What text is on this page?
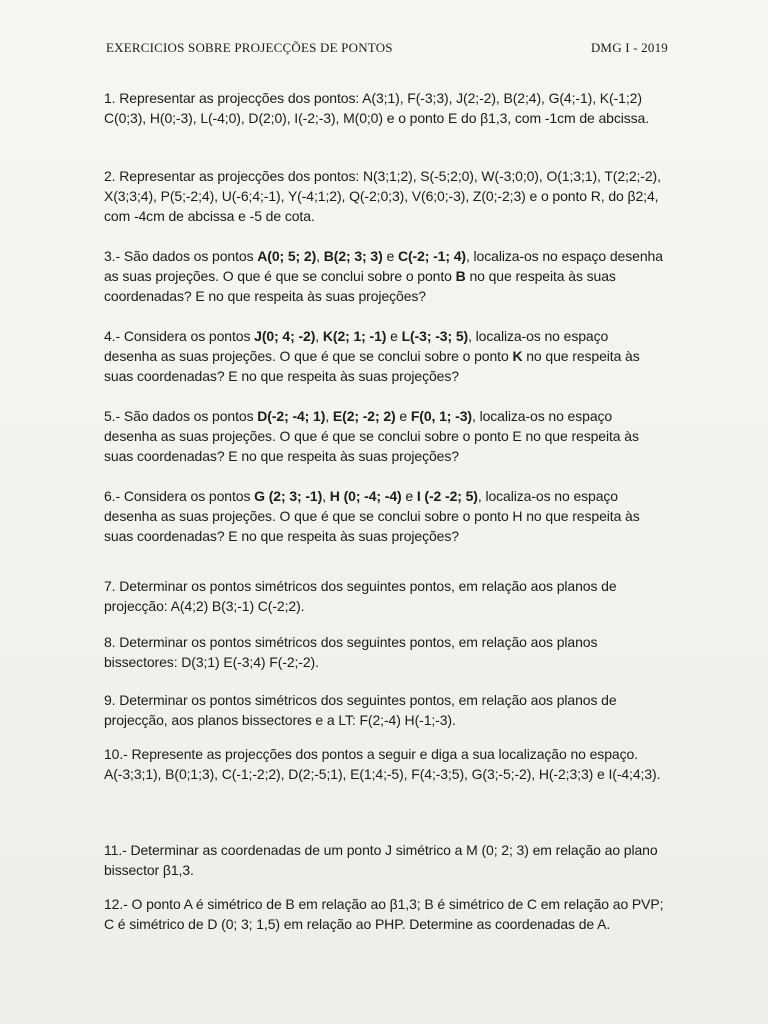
EXERCICIOS SOBRE PROJECÇÕES DE PONTOS	DMG I - 2019

1. Representar as projecções dos pontos: A(3;1), F(-3;3), J(2;-2), B(2;4), G(4;-1), K(-1;2) C(0;3), H(0;-3), L(-4;0), D(2;0), I(-2;-3), M(0;0) e o ponto E do β1,3, com -1cm de abcissa.

2. Representar as projecções dos pontos: N(3;1;2), S(-5;2;0), W(-3;0;0), O(1;3;1), T(2;2;-2), X(3;3;4), P(5;-2;4), U(-6;4;-1), Y(-4;1;2), Q(-2;0;3), V(6;0;-3), Z(0;-2;3) e o ponto R, do β2;4, com -4cm de abcissa e -5 de cota.

3.- São dados os pontos A(0; 5; 2), B(2; 3; 3) e C(-2; -1; 4), localiza-os no espaço desenha as suas projeções. O que é que se conclui sobre o ponto B no que respeita às suas coordenadas? E no que respeita às suas projeções?

4.- Considera os pontos J(0; 4; -2), K(2; 1; -1) e L(-3; -3; 5), localiza-os no espaço desenha as suas projeções. O que é que se conclui sobre o ponto K no que respeita às suas coordenadas? E no que respeita às suas projeções?

5.- São dados os pontos D(-2; -4; 1), E(2; -2; 2) e F(0, 1; -3), localiza-os no espaço desenha as suas projeções. O que é que se conclui sobre o ponto E no que respeita às suas coordenadas? E no que respeita às suas projeções?

6.- Considera os pontos G (2; 3; -1), H (0; -4; -4) e I (-2 -2; 5), localiza-os no espaço desenha as suas projeções. O que é que se conclui sobre o ponto H no que respeita às suas coordenadas? E no que respeita às suas projeções?

7. Determinar os pontos simétricos dos seguintes pontos, em relação aos planos de projecção: A(4;2) B(3;-1) C(-2;2).

8. Determinar os pontos simétricos dos seguintes pontos, em relação aos planos bissectores: D(3;1) E(-3;4) F(-2;-2).

9. Determinar os pontos simétricos dos seguintes pontos, em relação aos planos de projecção, aos planos bissectores e a LT: F(2;-4) H(-1;-3).

10.- Represente as projecções dos pontos a seguir e diga a sua localização no espaço. A(-3;3;1), B(0;1;3), C(-1;-2;2), D(2;-5;1), E(1;4;-5), F(4;-3;5), G(3;-5;-2), H(-2;3;3) e I(-4;4;3).

11.- Determinar as coordenadas de um ponto J simétrico a M (0; 2; 3) em relação ao plano bissector β1,3.

12.- O ponto A é simétrico de B em relação ao β1,3; B é simétrico de C em relação ao PVP; C é simétrico de D (0; 3; 1,5) em relação ao PHP. Determine as coordenadas de A.
